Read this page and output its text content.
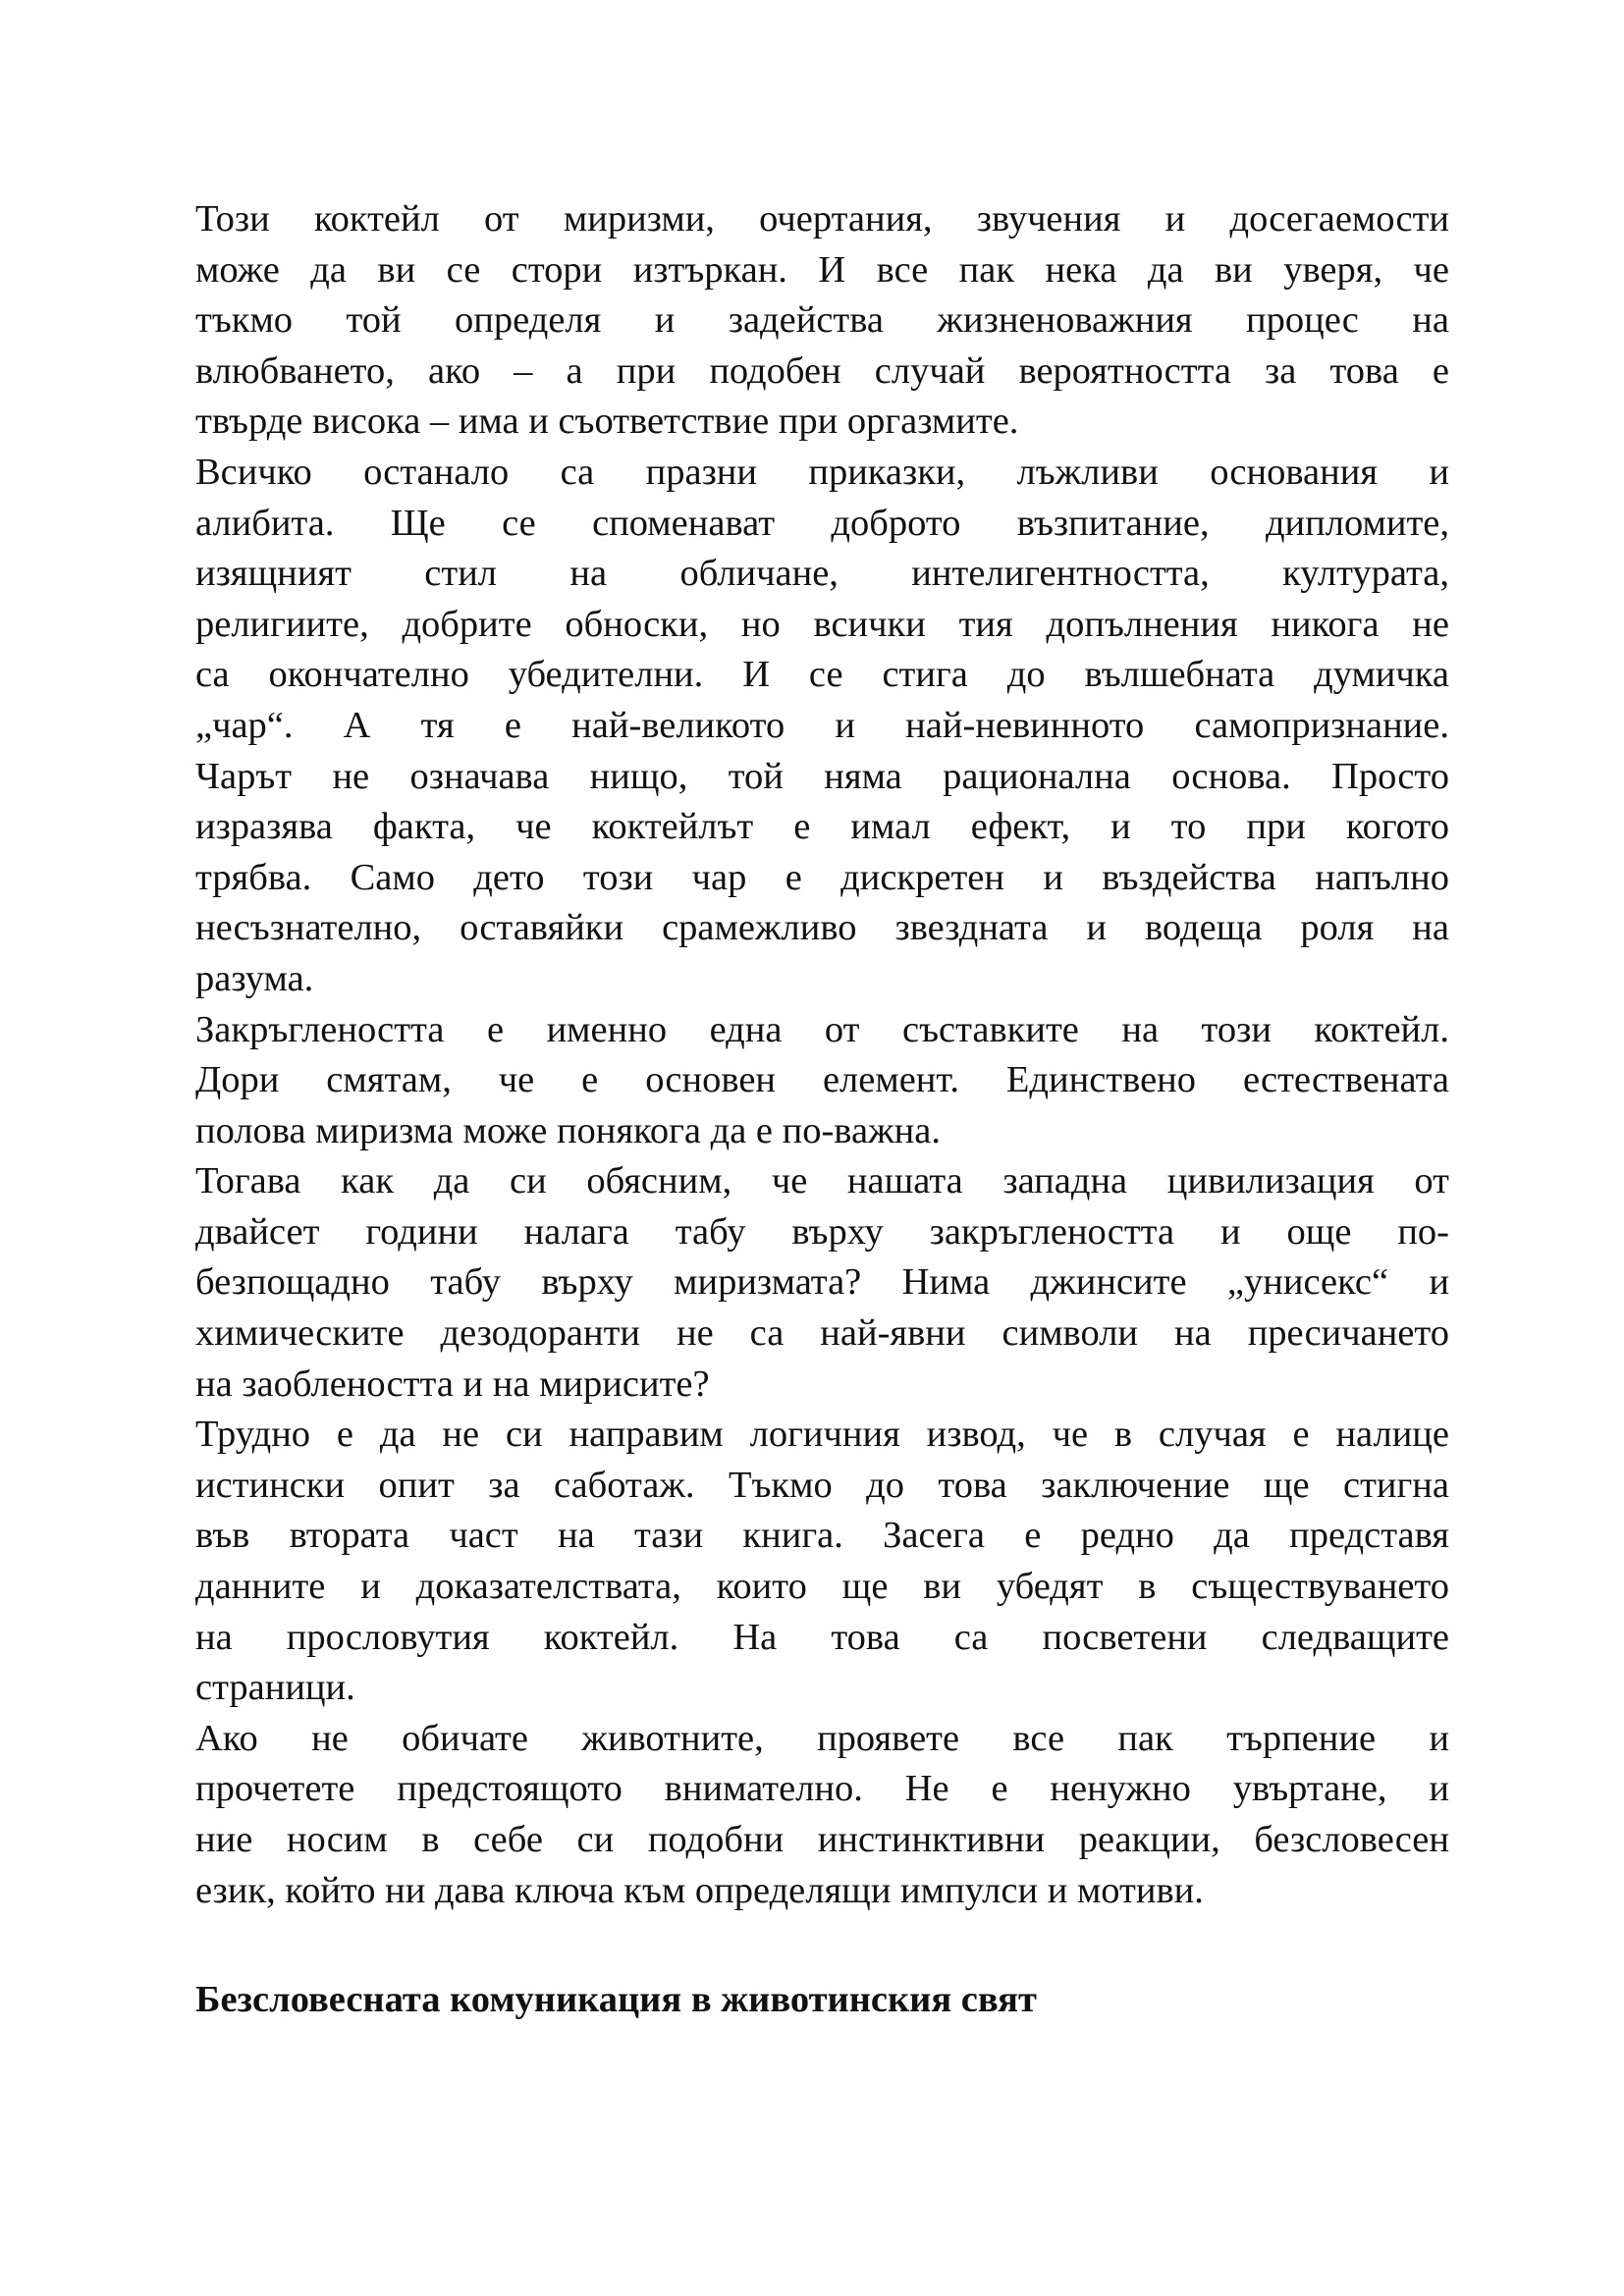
Този коктейл от миризми, очертания, звучения и досегаемости
може да ви се стори изтъркан. И все пак нека да ви уверя, че
тъкмо той определя и задейства жизненоважния процес на
влюбването, ако – а при подобен случай вероятността за това е
твърде висока – има и съответствие при оргазмите.

Всичко останало са празни приказки, лъжливи основания и
алибита. Ще се споменават доброто възпитание, дипломите,
изящният стил на обличане, интелигентността, културата,
религиите, добрите обноски, но всички тия допълнения никога не
са окончателно убедителни. И се стига до вълшебната думичка
„чар“. А тя е най-великото и най-невинното самопризнание.
Чарът не означава нищо, той няма рационална основа. Просто
изразява факта, че коктейлът е имал ефект, и то при когото
трябва. Само дето този чар е дискретен и въздейства напълно
несъзнателно, оставяйки срамежливо звездната и водеща роля на
разума.

Закръглеността е именно една от съставките на този коктейл.
Дори смятам, че е основен елемент. Единствено естествената
полова миризма може понякога да е по-важна.

Тогава как да си обясним, че нашата западна цивилизация от
двайсет години налага табу върху закръглеността и още по-
безпощадно табу върху миризмата? Нима джинсите „унисекс“ и
химическите дезодоранти не са най-явни символи на пресичането
на заоблеността и на мирисите?

Трудно е да не си направим логичния извод, че в случая е налице
истински опит за саботаж. Тъкмо до това заключение ще стигна
във втората част на тази книга. Засега е редно да представя
данните и доказателствата, които ще ви убедят в съществуването
на прословутия коктейл. На това са посветени следващите
страници.

Ако не обичате животните, проявете все пак търпение и
прочетете предстоящото внимателно. Не е ненужно увъртане, и
ние носим в себе си подобни инстинктивни реакции, безсловесен
език, който ни дава ключа към определящи импулси и мотиви.

Безсловесната комуникация в животинския свят
